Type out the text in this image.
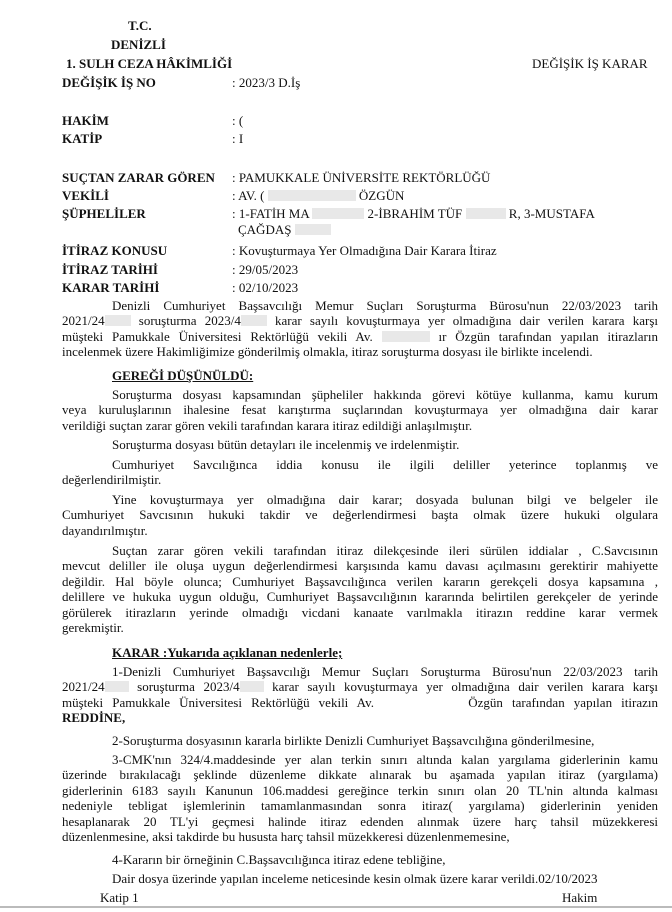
T.C.
DENİZLİ
1. SULH CEZA HÂKİMLİĞİ	DEĞİŞİK İŞ KARAR
DEĞİŞİK İŞ NO	: 2023/3 D.İş
HAKİM	: (
KATİP	: I
SUÇTAN ZARAR GÖREN : PAMUKKALE ÜNİVERSİTE REKTÖRLÜĞÜ
VEKİLİ	: AV. (	ÖZGÜN
ŞÜPHELİLER	: 1-FATİH MA	2-İBRAHİM TÜF	R, 3-MUSTAFA
ÇAĞDAŞ
İTİRAZ KONUSU	: Kovuşturmaya Yer Olmadığına Dair Karara İtiraz
İTİRAZ TARİHİ	: 29/05/2023
KARAR TARİHİ	: 02/10/2023
Denizli Cumhuriyet Başsavcılığı Memur Suçları Soruşturma Bürosu'nun 22/03/2023 tarih
2021/24	soruşturma 2023/4	karar sayılı kovuşturmaya yer olmadığına dair verilen karara karşı
müşteki Pamukkale Üniversitesi Rektörlüğü vekili Av.	ır Özgün tarafından yapılan itirazların
incelenmek üzere Hakimliğimize gönderilmiş olmakla, itiraz soruşturma dosyası ile birlikte incelendi.
GEREĞİ DÜŞÜNÜLDÜ:
Soruşturma dosyası kapsamından şüpheliler hakkında görevi kötüye kullanma, kamu kurum
veya kuruluşlarının ihalesine fesat karıştırma suçlarından kovuşturmaya yer olmadığına dair karar
verildiği suçtan zarar gören vekili tarafından karara itiraz edildiği anlaşılmıştır.
Soruşturma dosyası bütün detayları ile incelenmiş ve irdelenmiştir.
Cumhuriyet Savcılığınca iddia konusu ile ilgili deliller yeterince toplanmış ve
değerlendirilmiştir.
Yine kovuşturmaya yer olmadığına dair karar; dosyada bulunan bilgi ve belgeler ile
Cumhuriyet Savcısının hukuki takdir ve değerlendirmesi başta olmak üzere hukuki olgulara
dayandırılmıştır.
Suçtan zarar gören vekili tarafından itiraz dilekçesinde ileri sürülen iddialar , C.Savcısının
mevcut deliller ile oluşa uygun değerlendirmesi karşısında kamu davası açılmasını gerektirir mahiyette
değildir. Hal böyle olunca; Cumhuriyet Başsavcılığınca verilen kararın gerekçeli dosya kapsamına ,
delillere ve hukuka uygun olduğu, Cumhuriyet Başsavcılığının kararında belirtilen gerekçeler de yerinde
görülerek itirazların yerinde olmadığı vicdani kanaate varılmakla itirazın reddine karar vermek
gerekmiştir.
KARAR :Yukarıda açıklanan nedenlerle;
1-Denizli Cumhuriyet Başsavcılığı Memur Suçları Soruşturma Bürosu'nun 22/03/2023 tarih
2021/24	soruşturma 2023/4	karar sayılı kovuşturmaya yer olmadığına dair verilen karara karşı
müşteki Pamukkale Üniversitesi Rektörlüğü vekili Av.	Özgün tarafından yapılan itirazın
REDDİNE,
2-Soruşturma dosyasının kararla birlikte Denizli Cumhuriyet Başsavcılığına gönderilmesine,
3-CMK'nın 324/4.maddesinde yer alan terkin sınırı altında kalan yargılama giderlerinin kamu
üzerinde bırakılacağı şeklinde düzenleme dikkate alınarak bu aşamada yapılan itiraz (yargılama)
giderlerinin 6183 sayılı Kanunun 106.maddesi gereğince terkin sınırı olan 20 TL'nin altında kalması
nedeniyle tebligat işlemlerinin tamamlanmasından sonra itiraz( yargılama) giderlerinin yeniden
hesaplanarak 20 TL'yi geçmesi halinde itiraz edenden alınmak üzere harç tahsil müzekkeresi
düzenlenmesine, aksi takdirde bu hususta harç tahsil müzekkeresi düzenlenmemesine,
4-Kararın bir örneğinin C.Başsavcılığınca itiraz edene tebliğine,
Dair dosya üzerinde yapılan inceleme neticesinde kesin olmak üzere karar verildi.02/10/2023
Katip 1	Hakim
